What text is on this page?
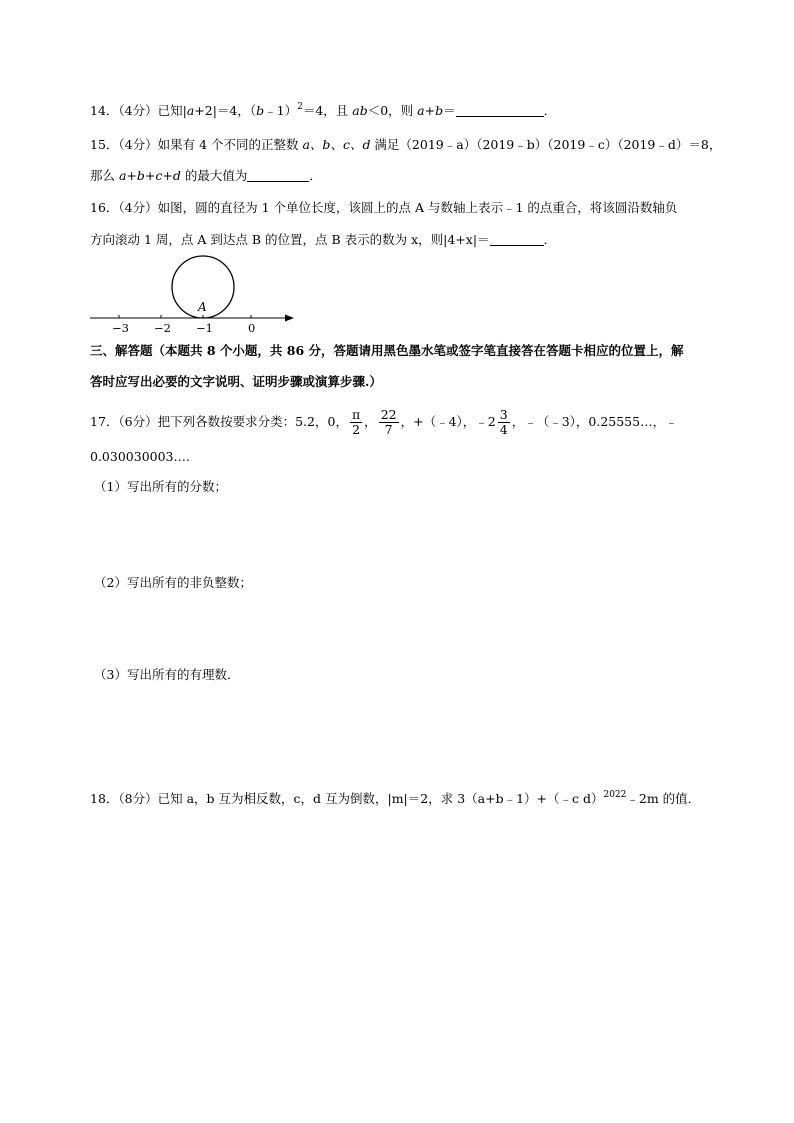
14．（4分）已知|a+2|＝4，（b﹣1）$^2$＝4，且 ab＜0，则 a+b＝	．
15．（4分）如果有 4 个不同的正整数 a、b、c、d 满足（2019﹣a）（2019﹣b）（2019﹣c）（2019﹣d）＝8，
那么 a+b+c+d 的最大值为	．
16．（4分）如图，圆的直径为 1 个单位长度，该圆上的点 A 与数轴上表示﹣1 的点重合，将该圆沿数轴负
方向滚动 1 周，点 A 到达点 B 的位置，点 B 表示的数为 x，则|4+x|＝	．
A
−3 −2 −1	0
三、解答题（本题共 8 个小题，共 86 分，答题请用黑色墨水笔或签字笔直接答在答题卡相应的位置上，解
答时应写出必要的文字说明、证明步骤或演算步骤.）
17．（6分）把下列各数按要求分类：5.2，0， $\frac{\pi}{2}$ ， $\frac{22}{7}$ ，+（﹣4），﹣2 $\frac{3}{4}$ ，﹣（﹣3），0.25555…，﹣
0.030030003….
（1）写出所有的分数；
（2）写出所有的非负整数；
（3）写出所有的有理数．
18．（8分）已知 a，b 互为相反数，c，d 互为倒数，|m|＝2，求 3（a+b﹣1）+（﹣c d）$^{2022}$﹣2m 的值．
